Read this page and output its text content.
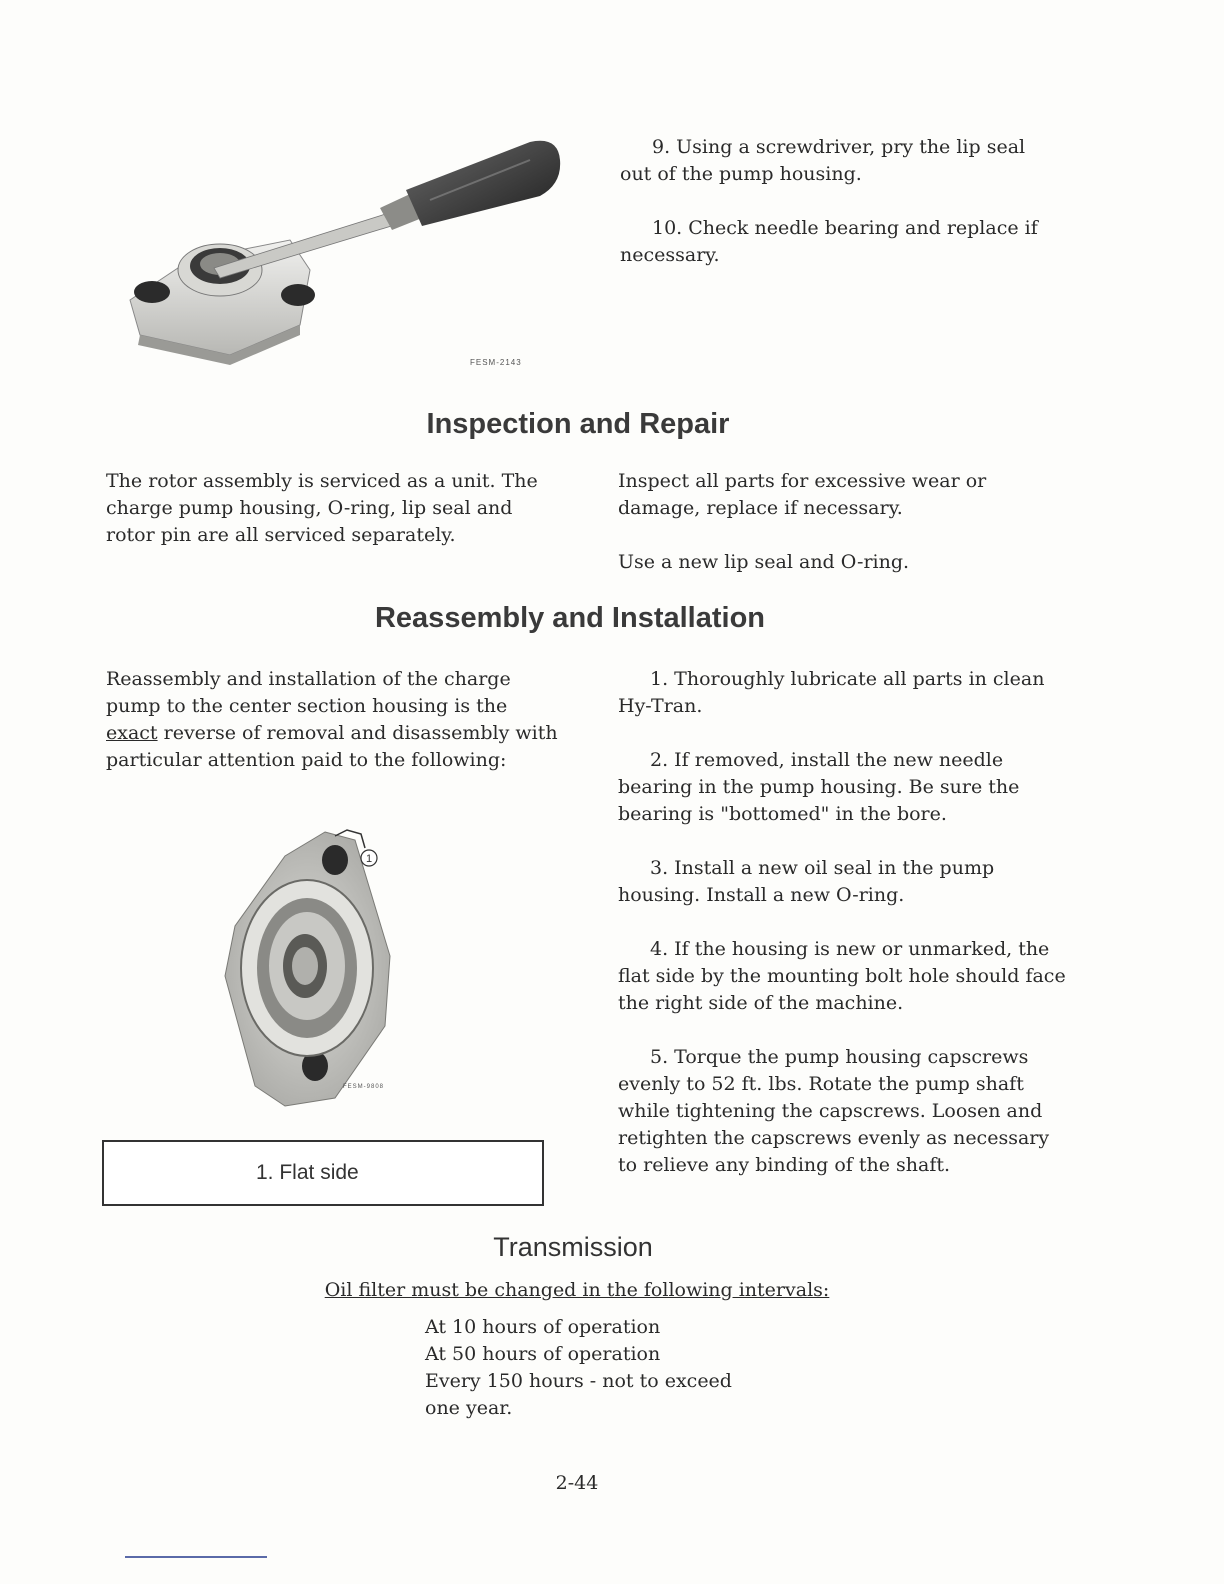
FESM-2143

9. Using a screwdriver, pry the lip seal out of the pump housing.

10. Check needle bearing and replace if necessary.

Inspection and Repair

The rotor assembly is serviced as a unit. The charge pump housing, O-ring, lip seal and rotor pin are all serviced separately.

Inspect all parts for excessive wear or damage, replace if necessary.

Use a new lip seal and O-ring.

Reassembly and Installation

Reassembly and installation of the charge pump to the center section housing is the
exact reverse of removal and disassembly with particular attention paid to the following:

1
FESM-9808
1. Flat side

1. Thoroughly lubricate all parts in clean Hy-Tran.

2. If removed, install the new needle bearing in the pump housing. Be sure the bearing is "bottomed" in the bore.

3. Install a new oil seal in the pump housing. Install a new O-ring.

4. If the housing is new or unmarked, the flat side by the mounting bolt hole should face the right side of the machine.

5. Torque the pump housing capscrews evenly to 52 ft. lbs. Rotate the pump shaft while tightening the capscrews. Loosen and retighten the capscrews evenly as necessary to relieve any binding of the shaft.

Transmission
Oil filter must be changed in the following intervals:
At 10 hours of operation
At 50 hours of operation
Every 150 hours - not to exceed
one year.
2-44
